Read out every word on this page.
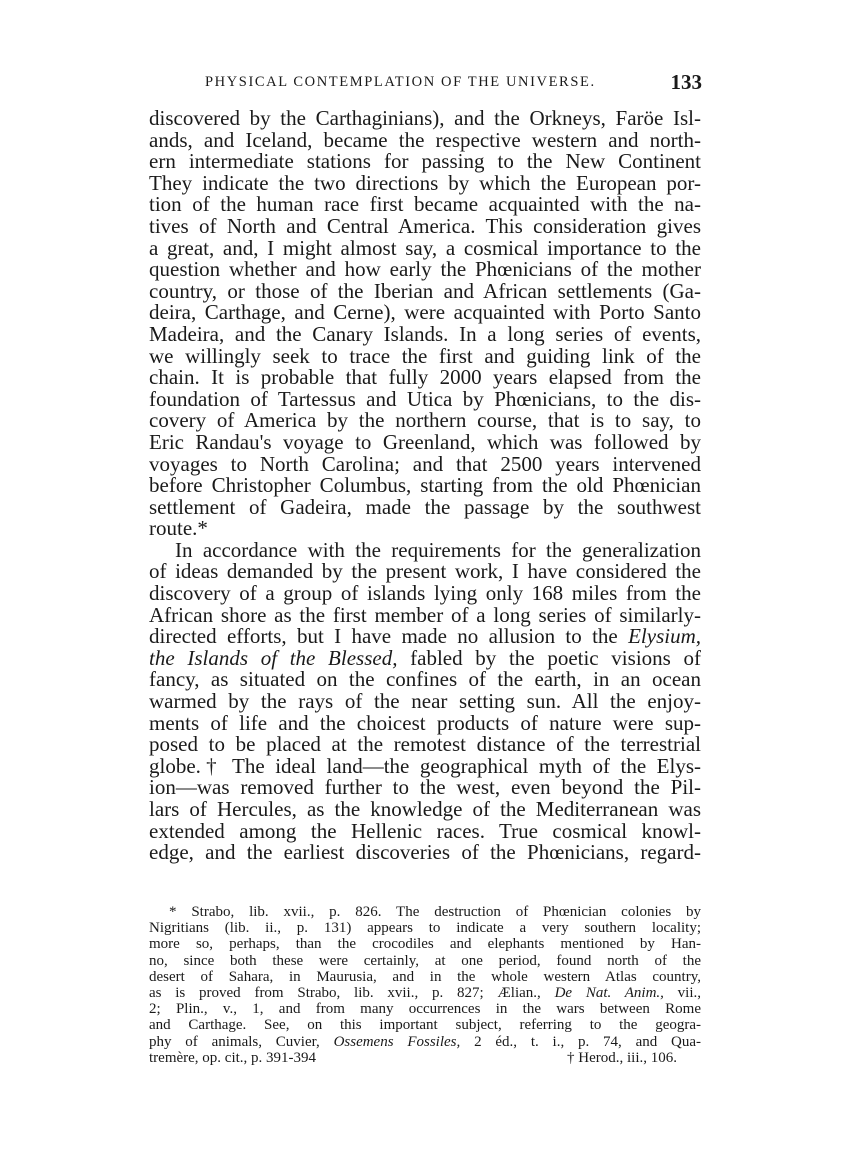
PHYSICAL CONTEMPLATION OF THE UNIVERSE.	133
discovered by the Carthaginians), and the Orkneys, Faröe Isl-
ands, and Iceland, became the respective western and north-
ern intermediate stations for passing to the New Continent
They indicate the two directions by which the European por-
tion of the human race first became acquainted with the na-
tives of North and Central America. This consideration gives
a great, and, I might almost say, a cosmical importance to the
question whether and how early the Phœnicians of the mother
country, or those of the Iberian and African settlements (Ga-
deira, Carthage, and Cerne), were acquainted with Porto Santo
Madeira, and the Canary Islands. In a long series of events,
we willingly seek to trace the first and guiding link of the
chain. It is probable that fully 2000 years elapsed from the
foundation of Tartessus and Utica by Phœnicians, to the dis-
covery of America by the northern course, that is to say, to
Eric Randau's voyage to Greenland, which was followed by
voyages to North Carolina; and that 2500 years intervened
before Christopher Columbus, starting from the old Phœnician
settlement of Gadeira, made the passage by the southwest
route.*
In accordance with the requirements for the generalization
of ideas demanded by the present work, I have considered the
discovery of a group of islands lying only 168 miles from the
African shore as the first member of a long series of similarly-
directed efforts, but I have made no allusion to the Elysium,
the Islands of the Blessed, fabled by the poetic visions of
fancy, as situated on the confines of the earth, in an ocean
warmed by the rays of the near setting sun. All the enjoy-
ments of life and the choicest products of nature were sup-
posed to be placed at the remotest distance of the terrestrial
globe.† The ideal land—the geographical myth of the Elys-
ion—was removed further to the west, even beyond the Pil-
lars of Hercules, as the knowledge of the Mediterranean was
extended among the Hellenic races. True cosmical knowl-
edge, and the earliest discoveries of the Phœnicians, regard-
* Strabo, lib. xvii., p. 826. The destruction of Phœnician colonies by
Nigritians (lib. ii., p. 131) appears to indicate a very southern locality;
more so, perhaps, than the crocodiles and elephants mentioned by Han-
no, since both these were certainly, at one period, found north of the
desert of Sahara, in Maurusia, and in the whole western Atlas country,
as is proved from Strabo, lib. xvii., p. 827; Ælian., De Nat. Anim., vii.,
2; Plin., v., 1, and from many occurrences in the wars between Rome
and Carthage. See, on this important subject, referring to the geogra-
phy of animals, Cuvier, Ossemens Fossiles, 2 éd., t. i., p. 74, and Qua-
tremère, op. cit., p. 391-394	† Herod., iii., 106.
